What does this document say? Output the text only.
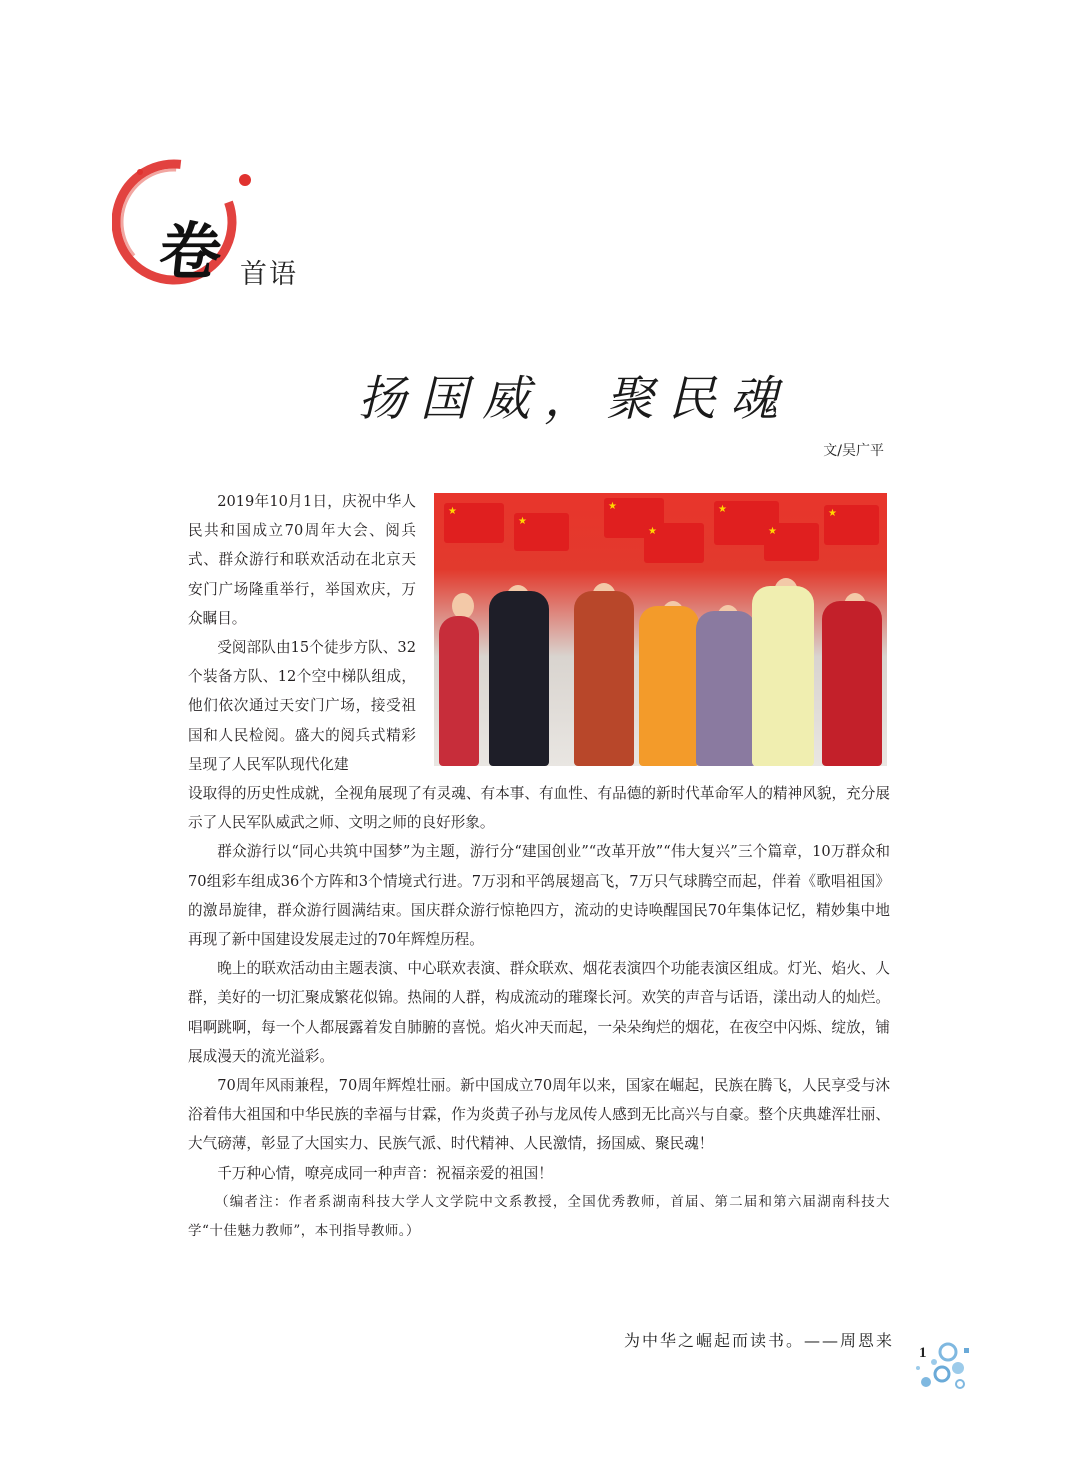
卷 首语
扬国威，聚民魂
文/吴广平

2019年10月1日，庆祝中华人民共和国成立70周年大会、阅兵式、群众游行和联欢活动在北京天安门广场隆重举行，举国欢庆，万众瞩目。

受阅部队由15个徒步方队、32个装备方队、12个空中梯队组成，他们依次通过天安门广场，接受祖国和人民检阅。盛大的阅兵式精彩呈现了人民军队现代化建

★
★
★
★
★
★
★

设取得的历史性成就，全视角展现了有灵魂、有本事、有血性、有品德的新时代革命军人的精神风貌，充分展示了人民军队威武之师、文明之师的良好形象。

群众游行以“同心共筑中国梦”为主题，游行分“建国创业”“改革开放”“伟大复兴”三个篇章，10万群众和70组彩车组成36个方阵和3个情境式行进。7万羽和平鸽展翅高飞，7万只气球腾空而起，伴着《歌唱祖国》的激昂旋律，群众游行圆满结束。国庆群众游行惊艳四方，流动的史诗唤醒国民70年集体记忆，精妙集中地再现了新中国建设发展走过的70年辉煌历程。

晚上的联欢活动由主题表演、中心联欢表演、群众联欢、烟花表演四个功能表演区组成。灯光、焰火、人群，美好的一切汇聚成繁花似锦。热闹的人群，构成流动的璀璨长河。欢笑的声音与话语，漾出动人的灿烂。唱啊跳啊，每一个人都展露着发自肺腑的喜悦。焰火冲天而起，一朵朵绚烂的烟花，在夜空中闪烁、绽放，铺展成漫天的流光溢彩。

70周年风雨兼程，70周年辉煌壮丽。新中国成立70周年以来，国家在崛起，民族在腾飞，人民享受与沐浴着伟大祖国和中华民族的幸福与甘霖，作为炎黄子孙与龙凤传人感到无比高兴与自豪。整个庆典雄浑壮丽、大气磅薄，彰显了大国实力、民族气派、时代精神、人民激情，扬国威、聚民魂！

千万种心情，嘹亮成同一种声音：祝福亲爱的祖国！

（编者注：作者系湖南科技大学人文学院中文系教授，全国优秀教师，首届、第二届和第六届湖南科技大学“十佳魅力教师”，本刊指导教师。）

为中华之崛起而读书。——周恩来
1
